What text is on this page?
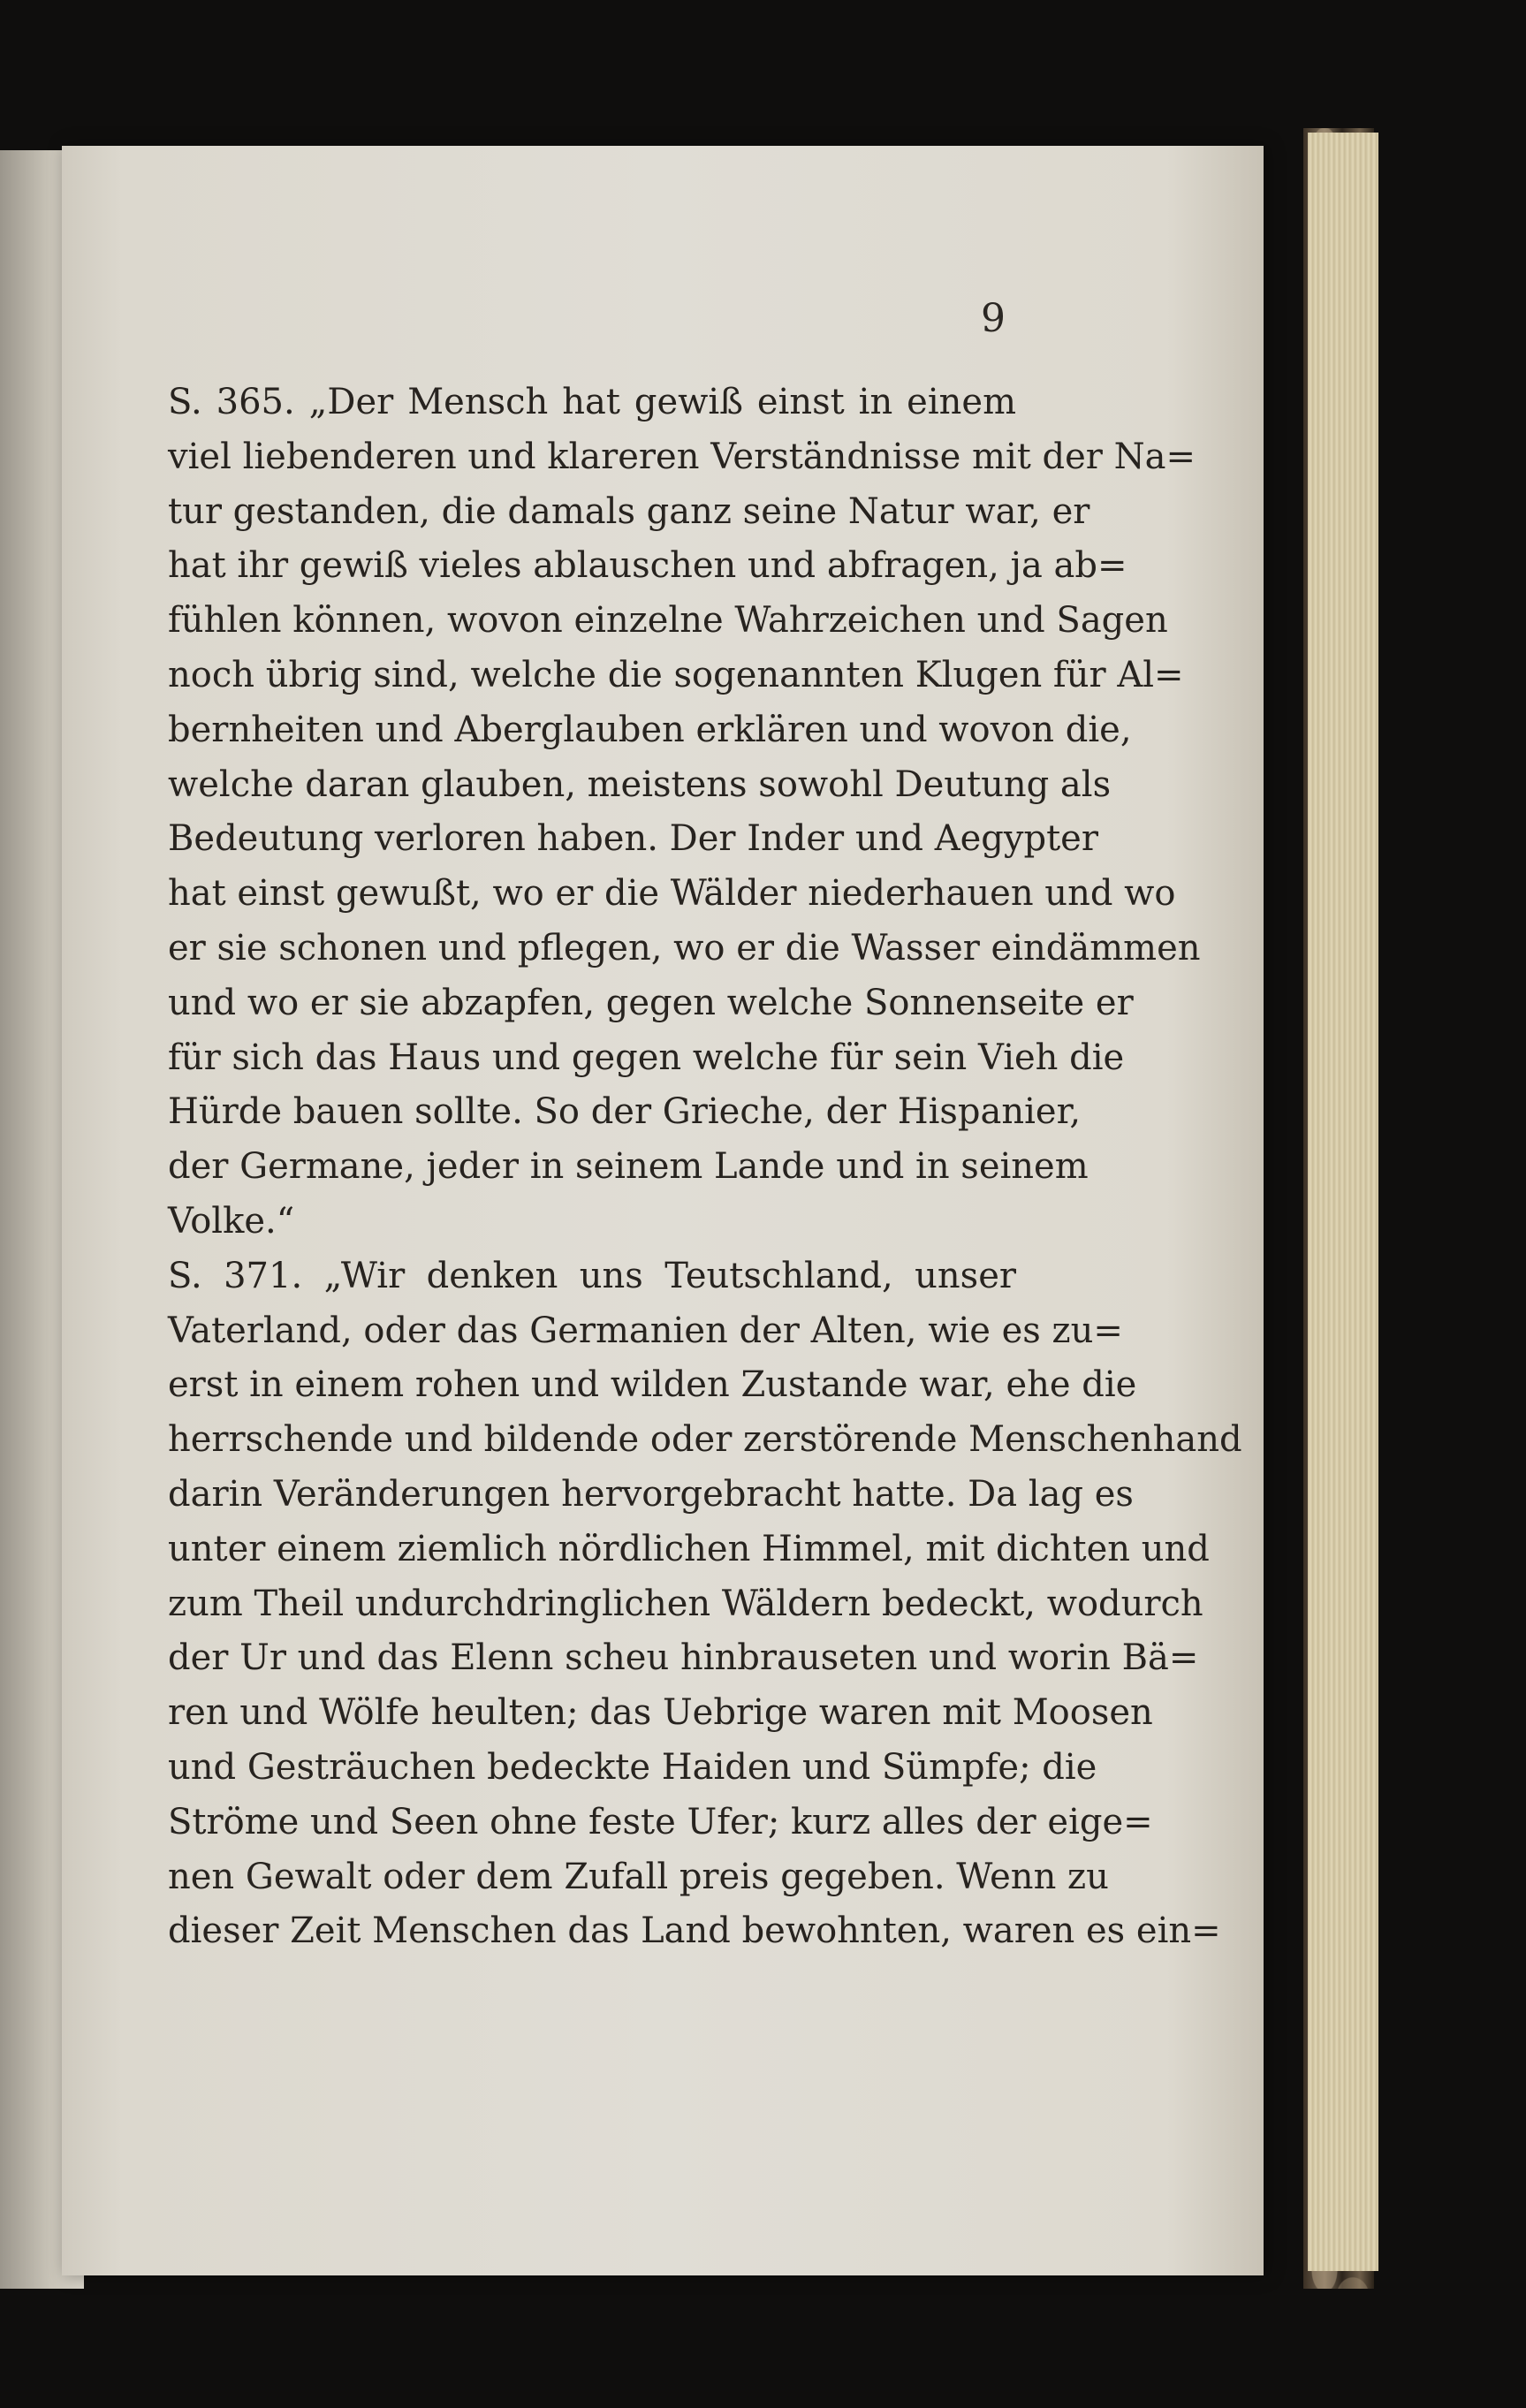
9
S. 365. „Der Mensch hat gewiß einst in einem
viel liebenderen und klareren Verständnisse mit der Na=
tur gestanden, die damals ganz seine Natur war, er
hat ihr gewiß vieles ablauschen und abfragen, ja ab=
fühlen können, wovon einzelne Wahrzeichen und Sagen
noch übrig sind, welche die sogenannten Klugen für Al=
bernheiten und Aberglauben erklären und wovon die,
welche daran glauben, meistens sowohl Deutung als
Bedeutung verloren haben. Der Inder und Aegypter
hat einst gewußt, wo er die Wälder niederhauen und wo
er sie schonen und pflegen, wo er die Wasser eindämmen
und wo er sie abzapfen, gegen welche Sonnenseite er
für sich das Haus und gegen welche für sein Vieh die
Hürde bauen sollte. So der Grieche, der Hispanier,
der Germane, jeder in seinem Lande und in seinem
Volke.“
S. 371. „Wir denken uns Teutschland, unser
Vaterland, oder das Germanien der Alten, wie es zu=
erst in einem rohen und wilden Zustande war, ehe die
herrschende und bildende oder zerstörende Menschenhand
darin Veränderungen hervorgebracht hatte. Da lag es
unter einem ziemlich nördlichen Himmel, mit dichten und
zum Theil undurchdringlichen Wäldern bedeckt, wodurch
der Ur und das Elenn scheu hinbrauseten und worin Bä=
ren und Wölfe heulten; das Uebrige waren mit Moosen
und Gesträuchen bedeckte Haiden und Sümpfe; die
Ströme und Seen ohne feste Ufer; kurz alles der eige=
nen Gewalt oder dem Zufall preis gegeben. Wenn zu
dieser Zeit Menschen das Land bewohnten, waren es ein=
